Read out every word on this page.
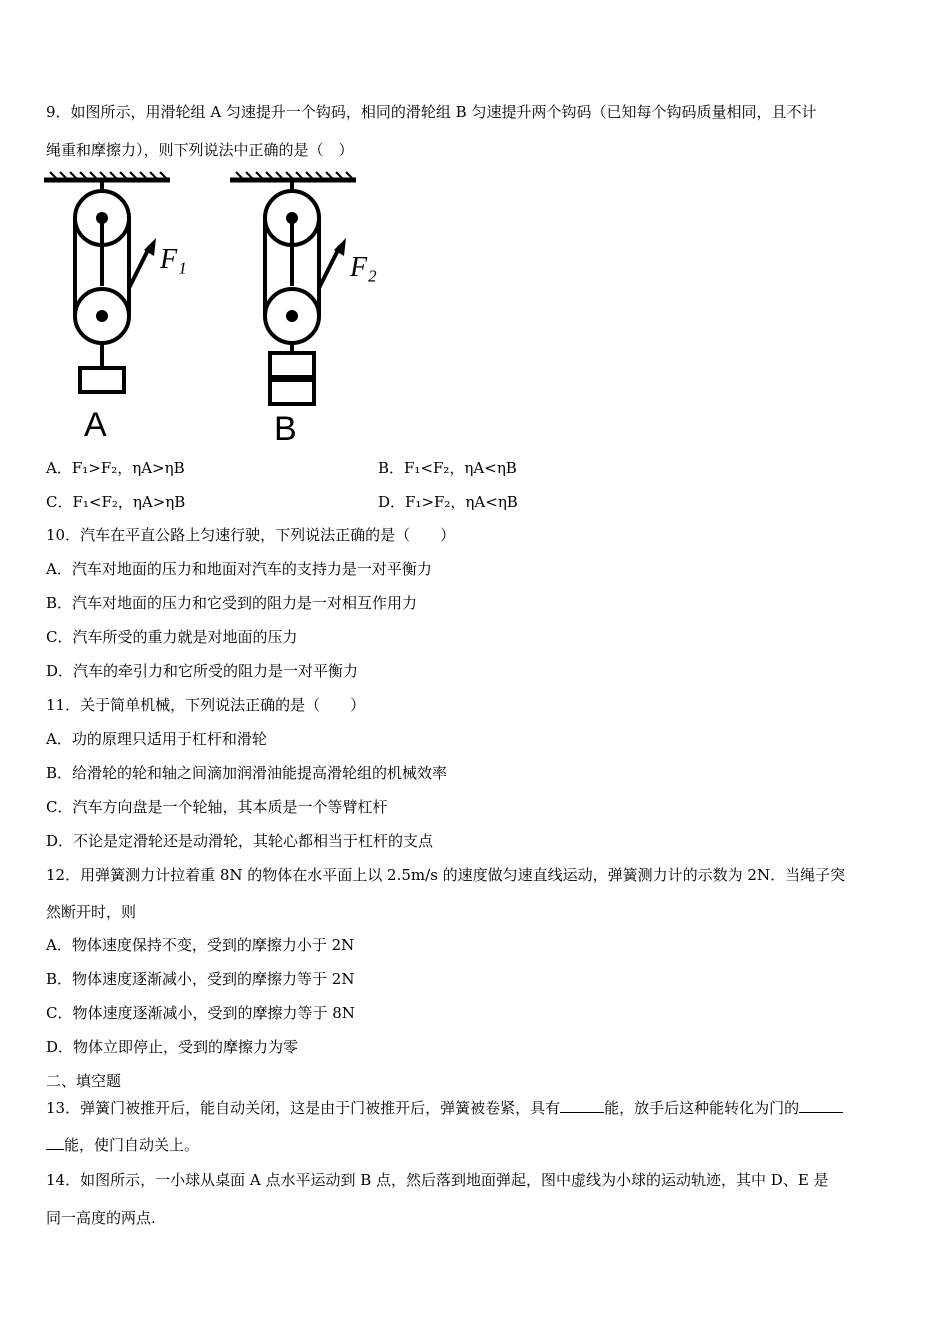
9．如图所示，用滑轮组 A 匀速提升一个钩码，相同的滑轮组 B 匀速提升两个钩码（已知每个钩码质量相同，且不计
绳重和摩擦力），则下列说法中正确的是（　）
F₁
A
F₂
B
A．F₁>F₂，ηA>ηB	B．F₁<F₂，ηA<ηB
C．F₁<F₂，ηA>ηB	D．F₁>F₂，ηA<ηB
10．汽车在平直公路上匀速行驶，下列说法正确的是（　　）
A．汽车对地面的压力和地面对汽车的支持力是一对平衡力
B．汽车对地面的压力和它受到的阻力是一对相互作用力
C．汽车所受的重力就是对地面的压力
D．汽车的牵引力和它所受的阻力是一对平衡力
11．关于简单机械，下列说法正确的是（　　）
A．功的原理只适用于杠杆和滑轮
B．给滑轮的轮和轴之间滴加润滑油能提高滑轮组的机械效率
C．汽车方向盘是一个轮轴，其本质是一个等臂杠杆
D．不论是定滑轮还是动滑轮，其轮心都相当于杠杆的支点
12．用弹簧测力计拉着重 8N 的物体在水平面上以 2.5m/s 的速度做匀速直线运动，弹簧测力计的示数为 2N．当绳子突
然断开时，则
A．物体速度保持不变，受到的摩擦力小于 2N
B．物体速度逐渐减小，受到的摩擦力等于 2N
C．物体速度逐渐减小，受到的摩擦力等于 8N
D．物体立即停止，受到的摩擦力为零
二、填空题
13．弹簧门被推开后，能自动关闭，这是由于门被推开后，弹簧被卷紧，具有	能，放手后这种能转化为门的
能，使门自动关上。
14．如图所示，一小球从桌面 A 点水平运动到 B 点，然后落到地面弹起，图中虚线为小球的运动轨迹，其中 D、E 是
同一高度的两点.
